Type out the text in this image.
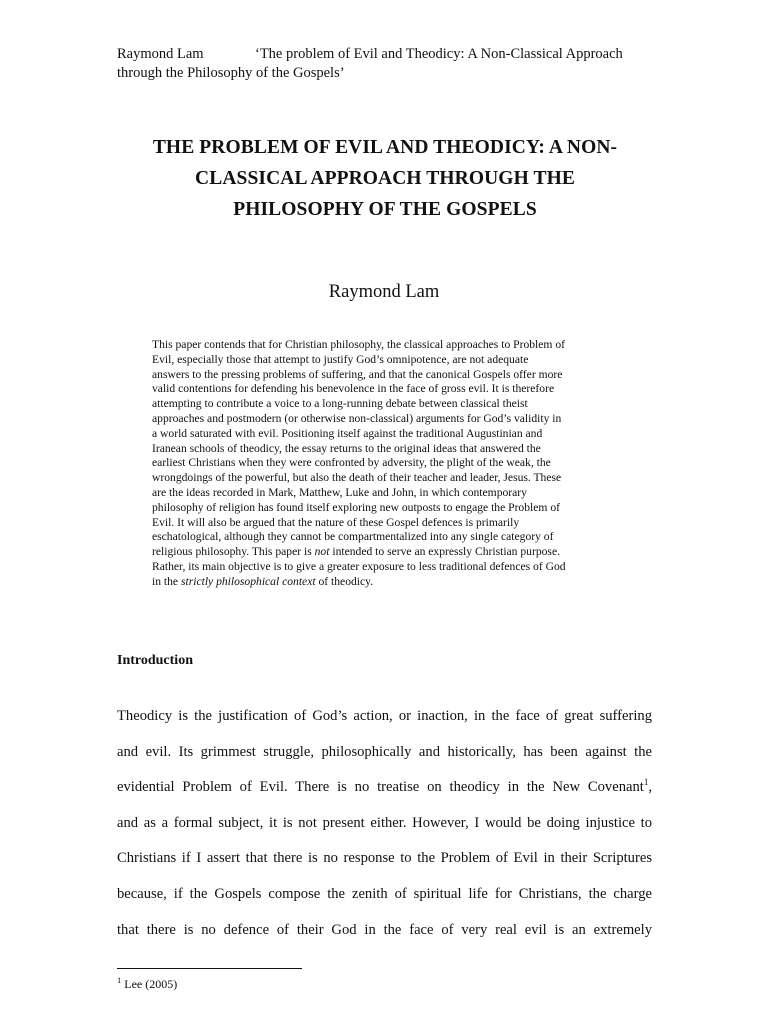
Raymond Lam	‘The problem of Evil and Theodicy: A Non-Classical Approach
through the Philosophy of the Gospels’
THE PROBLEM OF EVIL AND THEODICY: A NON-
CLASSICAL APPROACH THROUGH THE
PHILOSOPHY OF THE GOSPELS
Raymond Lam
This paper contends that for Christian philosophy, the classical approaches to Problem of
Evil, especially those that attempt to justify God’s omnipotence, are not adequate
answers to the pressing problems of suffering, and that the canonical Gospels offer more
valid contentions for defending his benevolence in the face of gross evil. It is therefore
attempting to contribute a voice to a long-running debate between classical theist
approaches and postmodern (or otherwise non-classical) arguments for God’s validity in
a world saturated with evil. Positioning itself against the traditional Augustinian and
Iranean schools of theodicy, the essay returns to the original ideas that answered the
earliest Christians when they were confronted by adversity, the plight of the weak, the
wrongdoings of the powerful, but also the death of their teacher and leader, Jesus. These
are the ideas recorded in Mark, Matthew, Luke and John, in which contemporary
philosophy of religion has found itself exploring new outposts to engage the Problem of
Evil. It will also be argued that the nature of these Gospel defences is primarily
eschatological, although they cannot be compartmentalized into any single category of
religious philosophy. This paper is not intended to serve an expressly Christian purpose.
Rather, its main objective is to give a greater exposure to less traditional defences of God
in the strictly philosophical context of theodicy.
Introduction
Theodicy is the justification of God’s action, or inaction, in the face of great suffering
and evil. Its grimmest struggle, philosophically and historically, has been against the
evidential Problem of Evil. There is no treatise on theodicy in the New Covenant$^1$,
and as a formal subject, it is not present either. However, I would be doing injustice to
Christians if I assert that there is no response to the Problem of Evil in their Scriptures
because, if the Gospels compose the zenith of spiritual life for Christians, the charge
that there is no defence of their God in the face of very real evil is an extremely
$^1$ Lee (2005)
